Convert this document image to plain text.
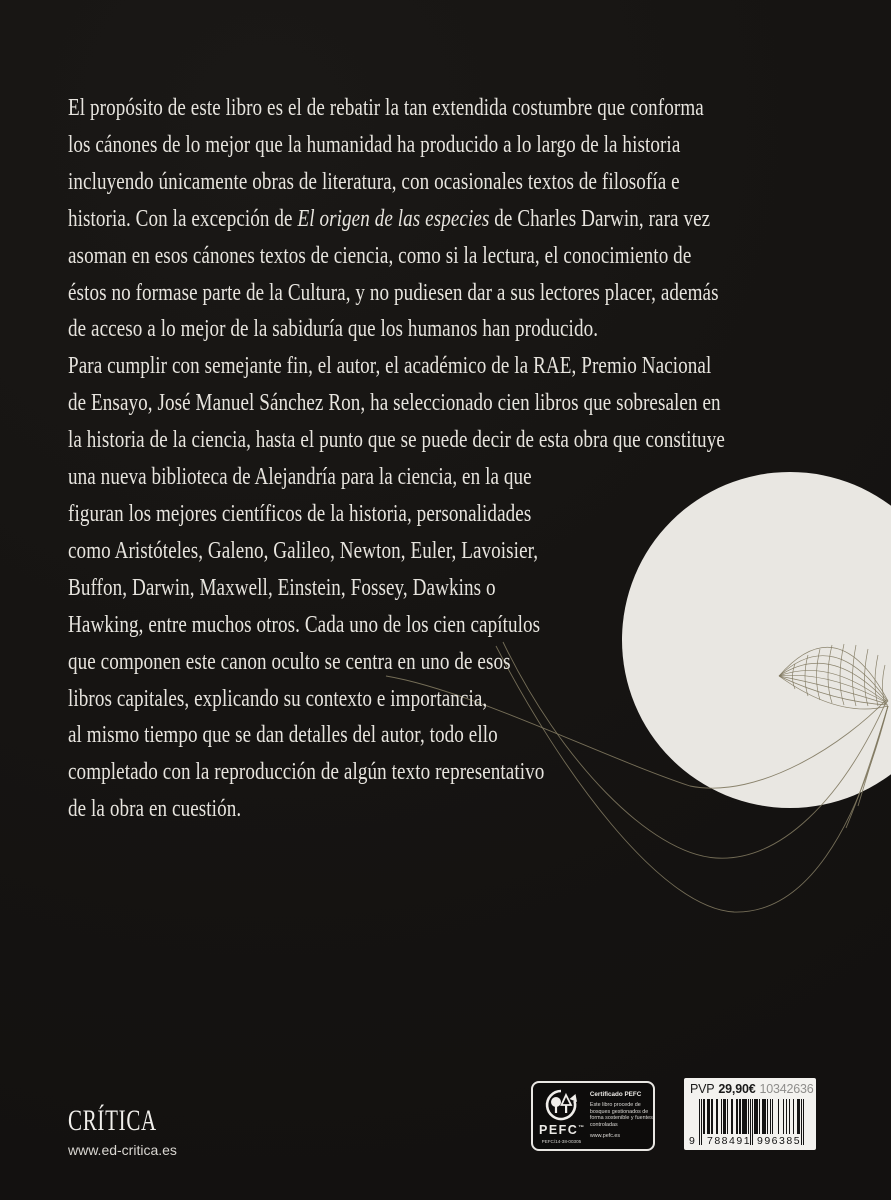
El propósito de este libro es el de rebatir la tan extendida costumbre que conforma
los cánones de lo mejor que la humanidad ha producido a lo largo de la historia
incluyendo únicamente obras de literatura, con ocasionales textos de filosofía e
historia. Con la excepción de El origen de las especies de Charles Darwin, rara vez
asoman en esos cánones textos de ciencia, como si la lectura, el conocimiento de
éstos no formase parte de la Cultura, y no pudiesen dar a sus lectores placer, además
de acceso a lo mejor de la sabiduría que los humanos han producido.
Para cumplir con semejante fin, el autor, el académico de la RAE, Premio Nacional
de Ensayo, José Manuel Sánchez Ron, ha seleccionado cien libros que sobresalen en
la historia de la ciencia, hasta el punto que se puede decir de esta obra que constituye
una nueva biblioteca de Alejandría para la ciencia, en la que
figuran los mejores científicos de la historia, personalidades
como Aristóteles, Galeno, Galileo, Newton, Euler, Lavoisier,
Buffon, Darwin, Maxwell, Einstein, Fossey, Dawkins o
Hawking, entre muchos otros. Cada uno de los cien capítulos
que componen este canon oculto se centra en uno de esos
libros capitales, explicando su contexto e importancia,
al mismo tiempo que se dan detalles del autor, todo ello
completado con la reproducción de algún texto representativo
de la obra en cuestión.
CRÍTICA
www.ed-critica.es
PEFC™
PEFC/14-38-00305
Certificado PEFC
Este libro procede de
bosques gestionados de
forma sostenible y fuentes
controladas
www.pefc.es
PVP 29,90€ 10342636
9 788491 996385
